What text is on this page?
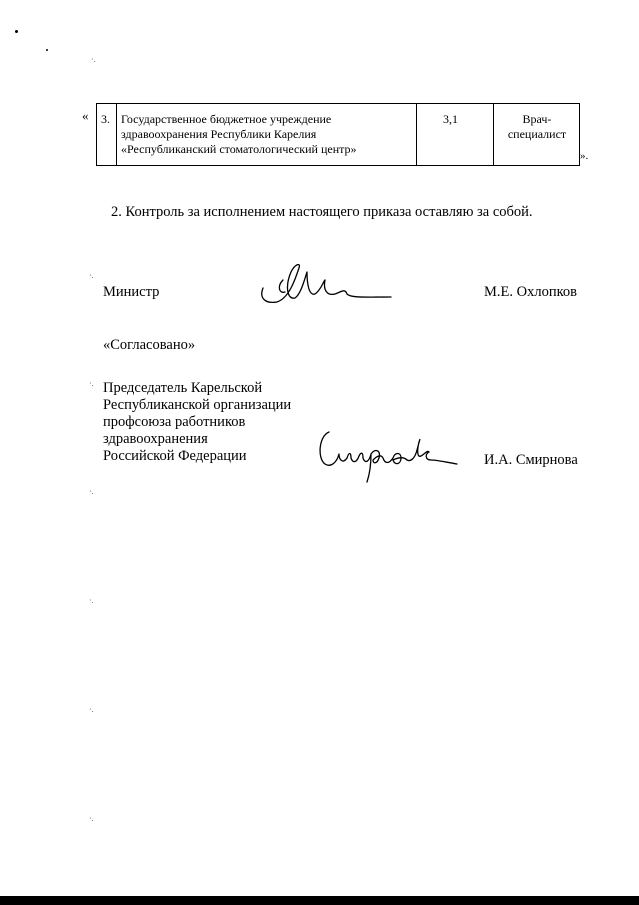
·.
·.
·.
·.
·.
·.
·.
« 3. Государственное бюджетное учреждение
здравоохранения Республики Карелия
«Республиканский стоматологический центр»
3,1	Врач-
специалист
».
2. Контроль за исполнением настоящего приказа оставляю за собой.
Министр	М.Е. Охлопков
«Согласовано»
Председатель Карельской
Республиканской организации
профсоюза работников
здравоохранения
Российской Федерации	И.А. Смирнова
